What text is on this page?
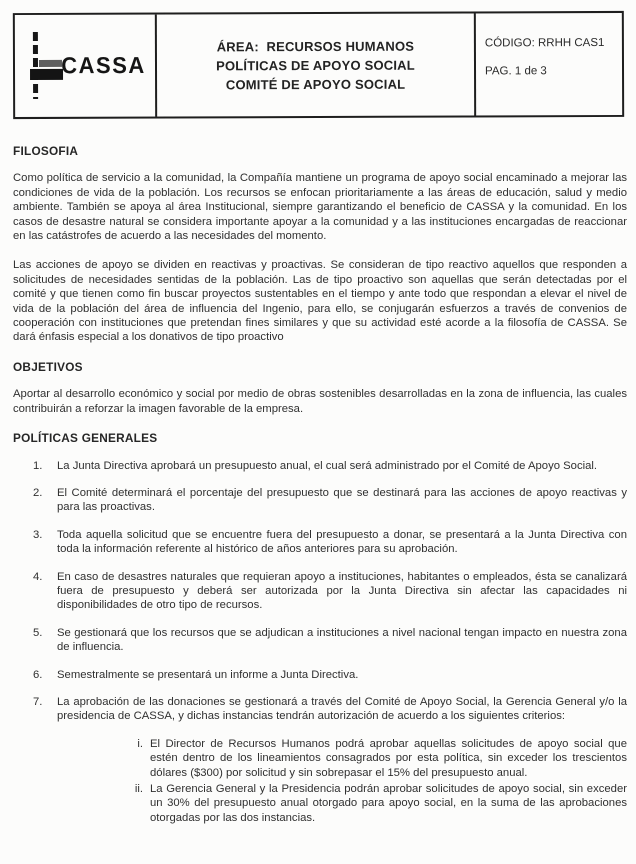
CASSA
ÁREA:  RECURSOS HUMANOS
POLÍTICAS DE APOYO SOCIAL
COMITÉ DE APOYO SOCIAL
CÓDIGO: RRHH CAS1
PAG. 1 de 3
FILOSOFIA

Como política de servicio a la comunidad, la Compañía mantiene un programa de apoyo social encaminado a mejorar las condiciones de vida de la población. Los recursos se enfocan prioritariamente a las áreas de educación, salud y medio ambiente. También se apoya al área Institucional, siempre garantizando el beneficio de CASSA y la comunidad. En los casos de desastre natural se considera importante apoyar a la comunidad y a las instituciones encargadas de reaccionar en las catástrofes de acuerdo a las necesidades del momento.

Las acciones de apoyo se dividen en reactivas y proactivas. Se consideran de tipo reactivo aquellos que responden a solicitudes de necesidades sentidas de la población. Las de tipo proactivo son aquellas que serán detectadas por el comité y que tienen como fin buscar proyectos sustentables en el tiempo y ante todo que respondan a elevar el nivel de vida de la población del área de influencia del Ingenio, para ello, se conjugarán esfuerzos a través de convenios de cooperación con instituciones que pretendan fines similares y que su actividad esté acorde a la filosofía de CASSA. Se dará énfasis especial a los donativos de tipo proactivo

OBJETIVOS

Aportar al desarrollo económico y social por medio de obras sostenibles desarrolladas en la zona de influencia, las cuales contribuirán a reforzar la imagen favorable de la empresa.

POLÍTICAS GENERALES
1.	La Junta Directiva aprobará un presupuesto anual, el cual será administrado por el Comité de Apoyo Social.
2.	El Comité determinará el porcentaje del presupuesto que se destinará para las acciones de apoyo reactivas y para las proactivas.
3.	Toda aquella solicitud que se encuentre fuera del presupuesto a donar, se presentará a la Junta Directiva con toda la información referente al histórico de años anteriores para su aprobación.
4.	En caso de desastres naturales que requieran apoyo a instituciones, habitantes o empleados, ésta se canalizará fuera de presupuesto y deberá ser autorizada por la Junta Directiva sin afectar las capacidades ni disponibilidades de otro tipo de recursos.
5.	Se gestionará que los recursos que se adjudican a instituciones a nivel nacional tengan impacto en nuestra zona de influencia.
6.	Semestralmente se presentará un informe a Junta Directiva.
7.	La aprobación de las donaciones se gestionará a través del Comité de Apoyo Social, la Gerencia General y/o la presidencia de CASSA, y dichas instancias tendrán autorización de acuerdo a los siguientes criterios:
i. El Director de Recursos Humanos podrá aprobar aquellas solicitudes de apoyo social que estén dentro de los lineamientos consagrados por esta política, sin exceder los trescientos dólares ($300) por solicitud y sin sobrepasar el 15% del presupuesto anual.
ii. La Gerencia General y la Presidencia podrán aprobar solicitudes de apoyo social, sin exceder un 30% del presupuesto anual otorgado para apoyo social, en la suma de las aprobaciones otorgadas por las dos instancias.
